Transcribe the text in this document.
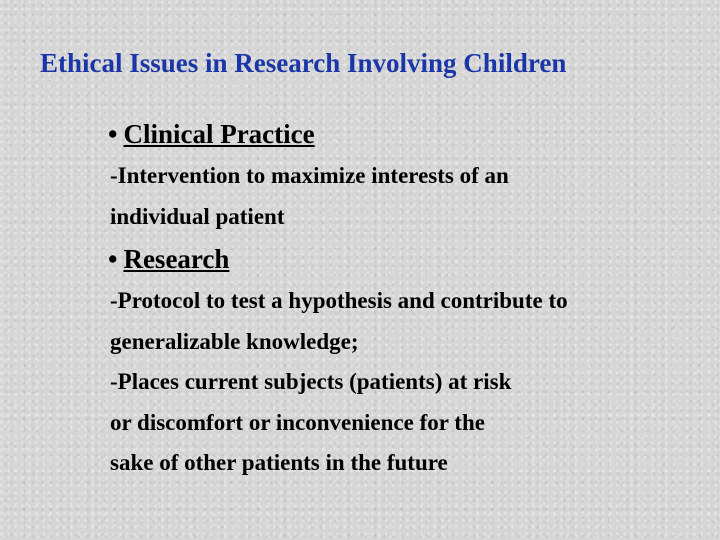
Ethical Issues in Research Involving Children

• Clinical Practice

-Intervention to maximize interests of an

individual patient

• Research

-Protocol to test a hypothesis and contribute to

generalizable knowledge;

-Places current subjects (patients) at risk

or discomfort or inconvenience for the

sake of other patients in the future
